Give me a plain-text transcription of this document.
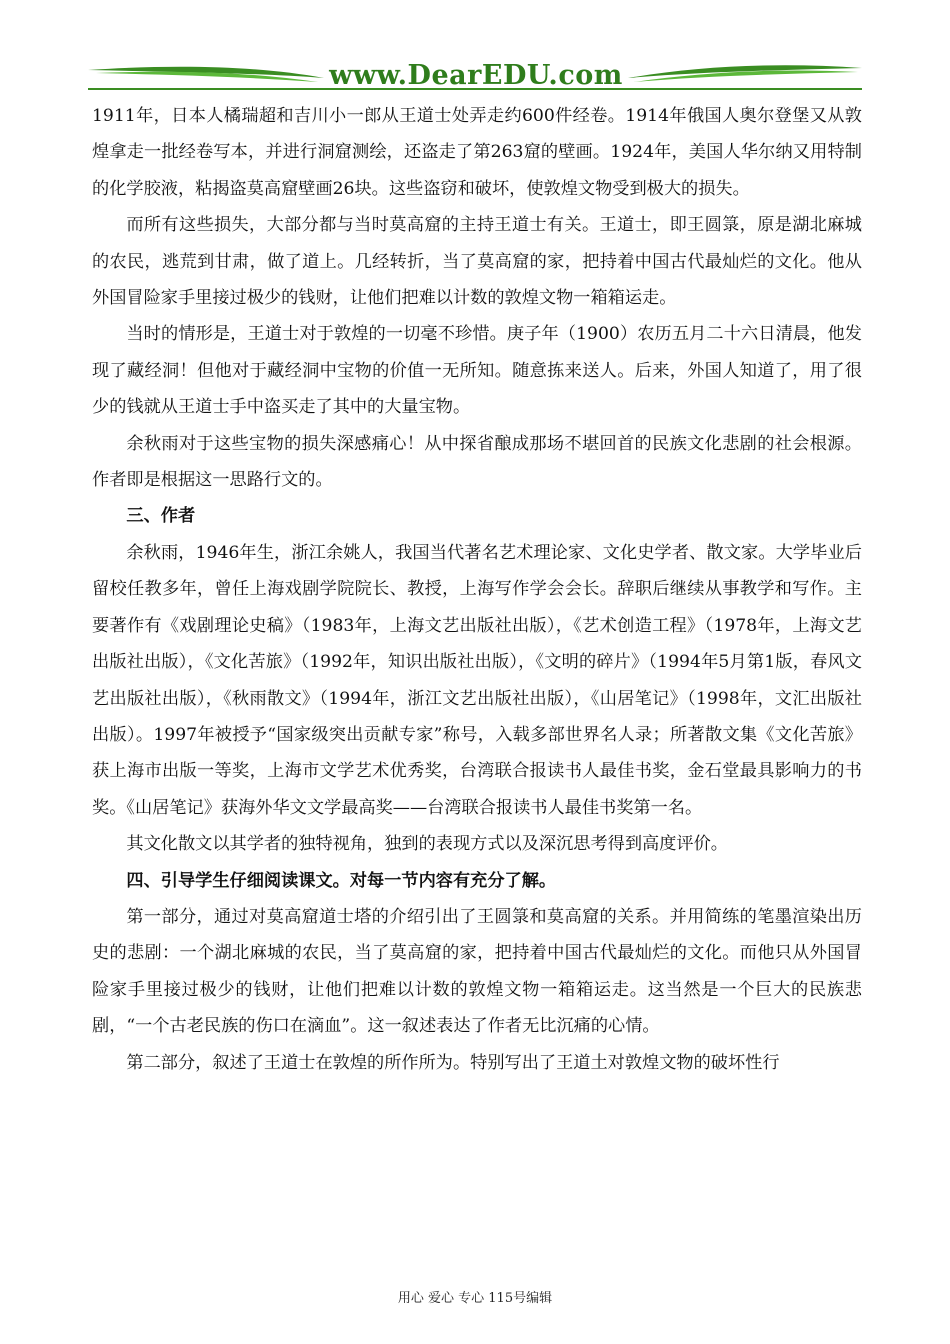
www.DearEDU.com

1911年，日本人橘瑞超和吉川小一郎从王道士处弄走约600件经卷。1914年俄国人奥尔登堡又从敦煌拿走一批经卷写本，并进行洞窟测绘，还盗走了第263窟的壁画。1924年，美国人华尔纳又用特制的化学胶液，粘揭盗莫高窟壁画26块。这些盗窃和破坏，使敦煌文物受到极大的损失。

而所有这些损失，大部分都与当时莫高窟的主持王道士有关。王道士，即王圆箓，原是湖北麻城的农民，逃荒到甘肃，做了道上。几经转折，当了莫高窟的家，把持着中国古代最灿烂的文化。他从外国冒险家手里接过极少的钱财，让他们把难以计数的敦煌文物一箱箱运走。

当时的情形是，王道士对于敦煌的一切毫不珍惜。庚子年（1900）农历五月二十六日清晨，他发现了藏经洞！但他对于藏经洞中宝物的价值一无所知。随意拣来送人。后来，外国人知道了，用了很少的钱就从王道士手中盗买走了其中的大量宝物。

余秋雨对于这些宝物的损失深感痛心！从中探省酿成那场不堪回首的民族文化悲剧的社会根源。作者即是根据这一思路行文的。

三、作者

余秋雨，1946年生，浙江余姚人，我国当代著名艺术理论家、文化史学者、散文家。大学毕业后留校任教多年，曾任上海戏剧学院院长、教授，上海写作学会会长。辞职后继续从事教学和写作。主要著作有《戏剧理论史稿》（1983年，上海文艺出版社出版），《艺术创造工程》（1978年，上海文艺出版社出版），《文化苦旅》（1992年，知识出版社出版），《文明的碎片》（1994年5月第1版，春风文艺出版社出版），《秋雨散文》（1994年，浙江文艺出版社出版），《山居笔记》（1998年，文汇出版社出版）。1997年被授予“国家级突出贡献专家”称号，入载多部世界名人录；所著散文集《文化苦旅》获上海市出版一等奖，上海市文学艺术优秀奖，台湾联合报读书人最佳书奖，金石堂最具影响力的书奖。《山居笔记》获海外华文文学最高奖——台湾联合报读书人最佳书奖第一名。

其文化散文以其学者的独特视角，独到的表现方式以及深沉思考得到高度评价。

四、引导学生仔细阅读课文。对每一节内容有充分了解。

第一部分，通过对莫高窟道士塔的介绍引出了王圆箓和莫高窟的关系。并用简练的笔墨渲染出历史的悲剧：一个湖北麻城的农民，当了莫高窟的家，把持着中国古代最灿烂的文化。而他只从外国冒险家手里接过极少的钱财，让他们把难以计数的敦煌文物一箱箱运走。这当然是一个巨大的民族悲剧，“一个古老民族的伤口在滴血”。这一叙述表达了作者无比沉痛的心情。

第二部分，叙述了王道士在敦煌的所作所为。特别写出了王道土对敦煌文物的破坏性行

用心 爱心 专心 115号编辑
